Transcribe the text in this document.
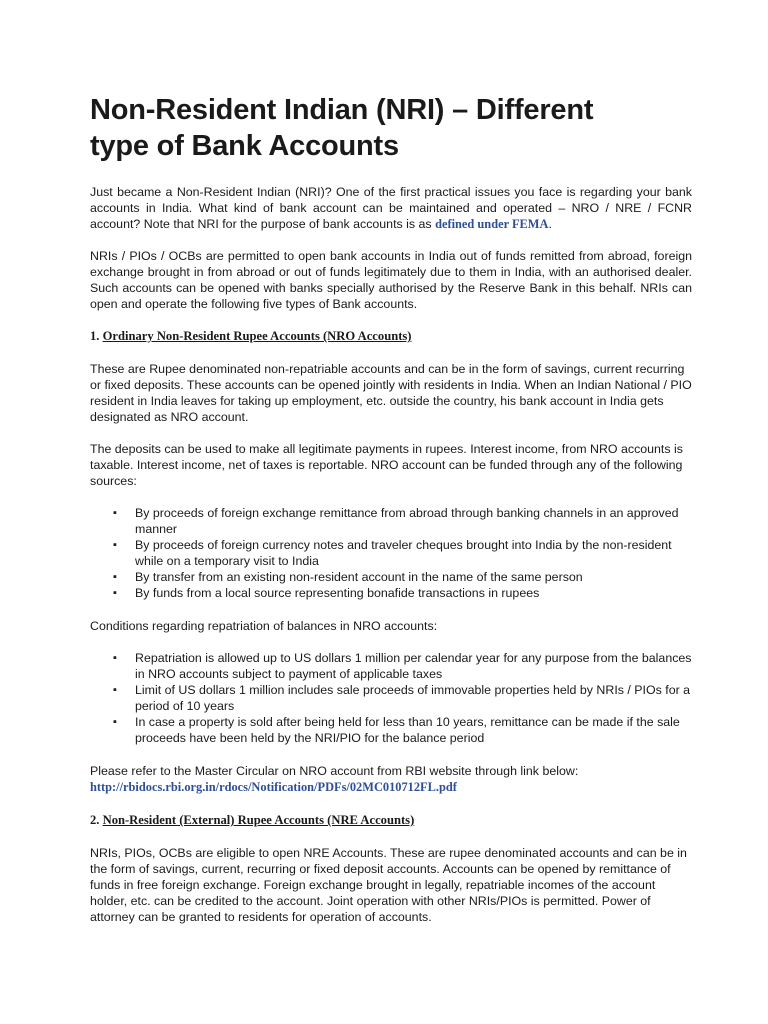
Non-Resident Indian (NRI) – Different type of Bank Accounts

Just became a Non-Resident Indian (NRI)? One of the first practical issues you face is regarding your bank accounts in India. What kind of bank account can be maintained and operated – NRO / NRE / FCNR account? Note that NRI for the purpose of bank accounts is as defined under FEMA.

NRIs / PIOs / OCBs are permitted to open bank accounts in India out of funds remitted from abroad, foreign exchange brought in from abroad or out of funds legitimately due to them in India, with an authorised dealer. Such accounts can be opened with banks specially authorised by the Reserve Bank in this behalf. NRIs can open and operate the following five types of Bank accounts.

1. Ordinary Non-Resident Rupee Accounts (NRO Accounts)

These are Rupee denominated non-repatriable accounts and can be in the form of savings, current recurring or fixed deposits. These accounts can be opened jointly with residents in India. When an Indian National / PIO resident in India leaves for taking up employment, etc. outside the country, his bank account in India gets designated as NRO account.

The deposits can be used to make all legitimate payments in rupees. Interest income, from NRO accounts is taxable. Interest income, net of taxes is reportable. NRO account can be funded through any of the following sources:

▪ By proceeds of foreign exchange remittance from abroad through banking channels in an approved manner
▪ By proceeds of foreign currency notes and traveler cheques brought into India by the non-resident while on a temporary visit to India
▪ By transfer from an existing non-resident account in the name of the same person
▪ By funds from a local source representing bonafide transactions in rupees

Conditions regarding repatriation of balances in NRO accounts:

▪ Repatriation is allowed up to US dollars 1 million per calendar year for any purpose from the balances in NRO accounts subject to payment of applicable taxes
▪ Limit of US dollars 1 million includes sale proceeds of immovable properties held by NRIs / PIOs for a period of 10 years
▪ In case a property is sold after being held for less than 10 years, remittance can be made if the sale proceeds have been held by the NRI/PIO for the balance period

Please refer to the Master Circular on NRO account from RBI website through link below:

http://rbidocs.rbi.org.in/rdocs/Notification/PDFs/02MC010712FL.pdf
2. Non-Resident (External) Rupee Accounts (NRE Accounts)

NRIs, PIOs, OCBs are eligible to open NRE Accounts. These are rupee denominated accounts and can be in the form of savings, current, recurring or fixed deposit accounts. Accounts can be opened by remittance of funds in free foreign exchange. Foreign exchange brought in legally, repatriable incomes of the account holder, etc. can be credited to the account. Joint operation with other NRIs/PIOs is permitted. Power of attorney can be granted to residents for operation of accounts.
